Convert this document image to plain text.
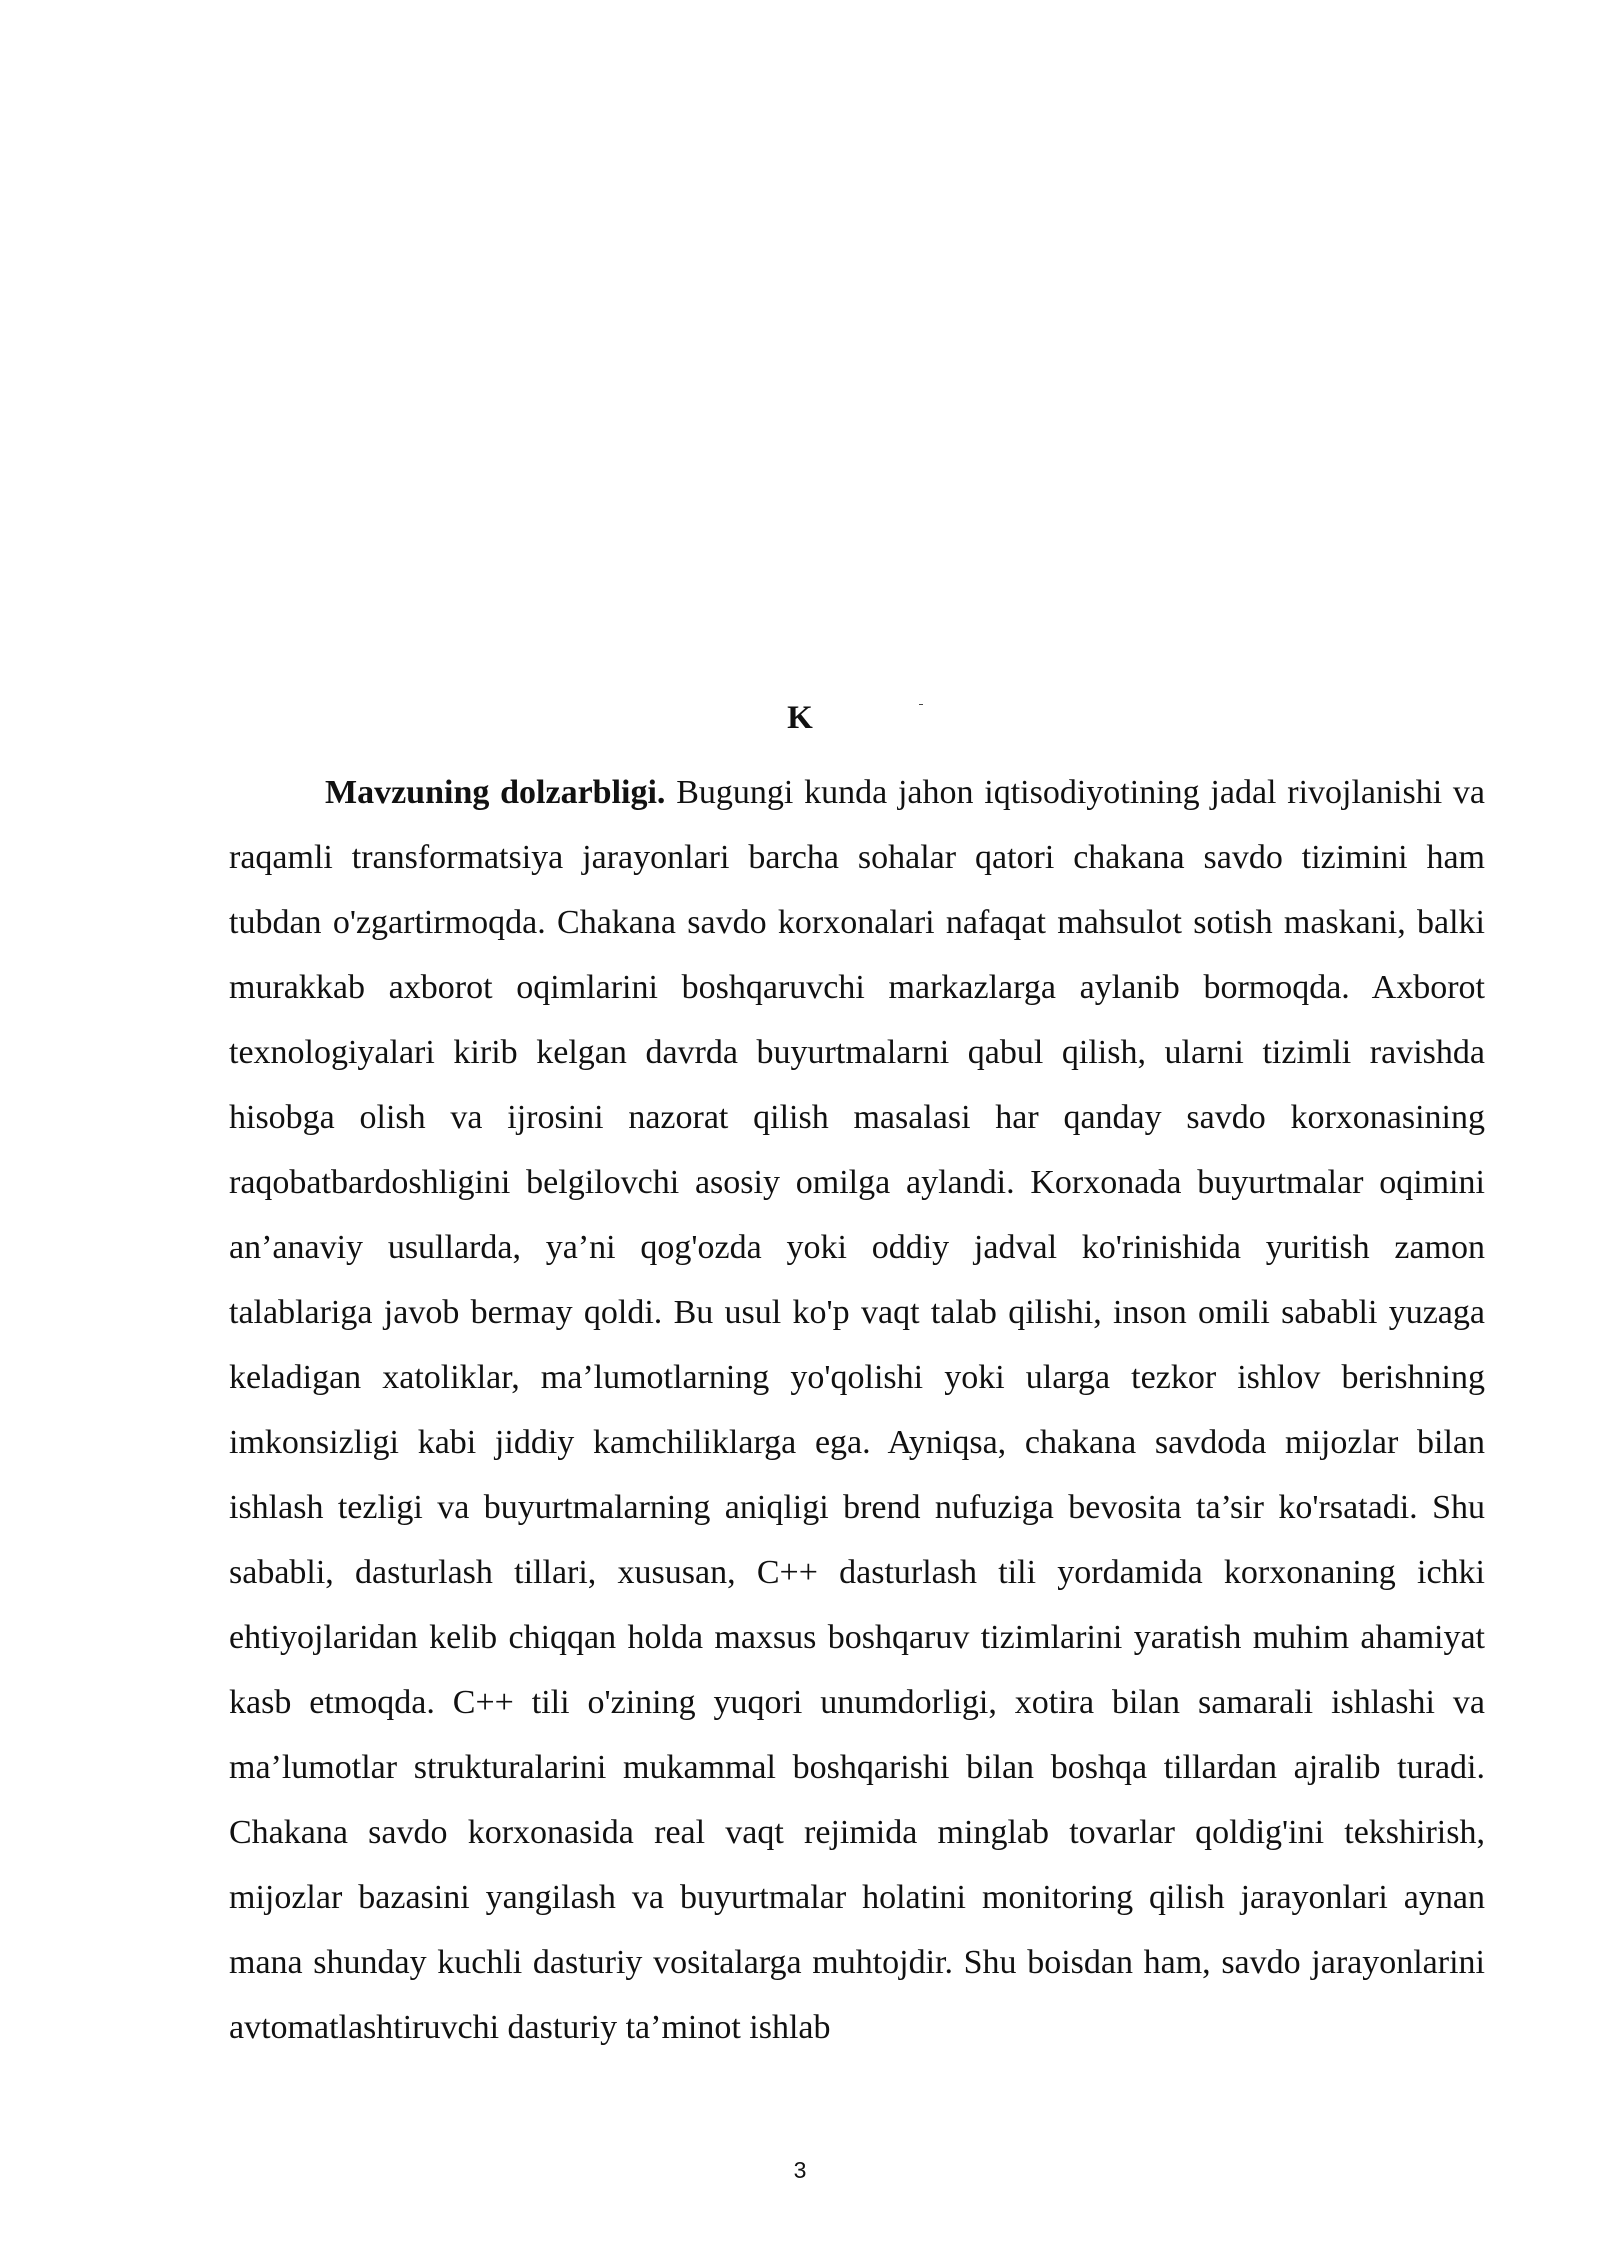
K

Mavzuning dolzarbligi. Bugungi kunda jahon iqtisodiyotining jadal rivojlanishi va raqamli transformatsiya jarayonlari barcha sohalar qatori chakana savdo tizimini ham tubdan o'zgartirmoqda. Chakana savdo korxonalari nafaqat mahsulot sotish maskani, balki murakkab axborot oqimlarini boshqaruvchi markazlarga aylanib bormoqda. Axborot texnologiyalari kirib kelgan davrda buyurtmalarni qabul qilish, ularni tizimli ravishda hisobga olish va ijrosini nazorat qilish masalasi har qanday savdo korxonasining raqobatbardoshligini belgilovchi asosiy omilga aylandi. Korxonada buyurtmalar oqimini an’anaviy usullarda, ya’ni qog'ozda yoki oddiy jadval ko'rinishida yuritish zamon talablariga javob bermay qoldi. Bu usul ko'p vaqt talab qilishi, inson omili sababli yuzaga keladigan xatoliklar, ma’lumotlarning yo'qolishi yoki ularga tezkor ishlov berishning imkonsizligi kabi jiddiy kamchiliklarga ega. Ayniqsa, chakana savdoda mijozlar bilan ishlash tezligi va buyurtmalarning aniqligi brend nufuziga bevosita ta’sir ko'rsatadi. Shu sababli, dasturlash tillari, xususan, C++ dasturlash tili yordamida korxonaning ichki ehtiyojlaridan kelib chiqqan holda maxsus boshqaruv tizimlarini yaratish muhim ahamiyat kasb etmoqda. C++ tili o'zining yuqori unumdorligi, xotira bilan samarali ishlashi va ma’lumotlar strukturalarini mukammal boshqarishi bilan boshqa tillardan ajralib turadi. Chakana savdo korxonasida real vaqt rejimida minglab tovarlar qoldig'ini tekshirish, mijozlar bazasini yangilash va buyurtmalar holatini monitoring qilish jarayonlari aynan mana shunday kuchli dasturiy vositalarga muhtojdir. Shu boisdan ham, savdo jarayonlarini avtomatlashtiruvchi dasturiy ta’minot ishlab

3
